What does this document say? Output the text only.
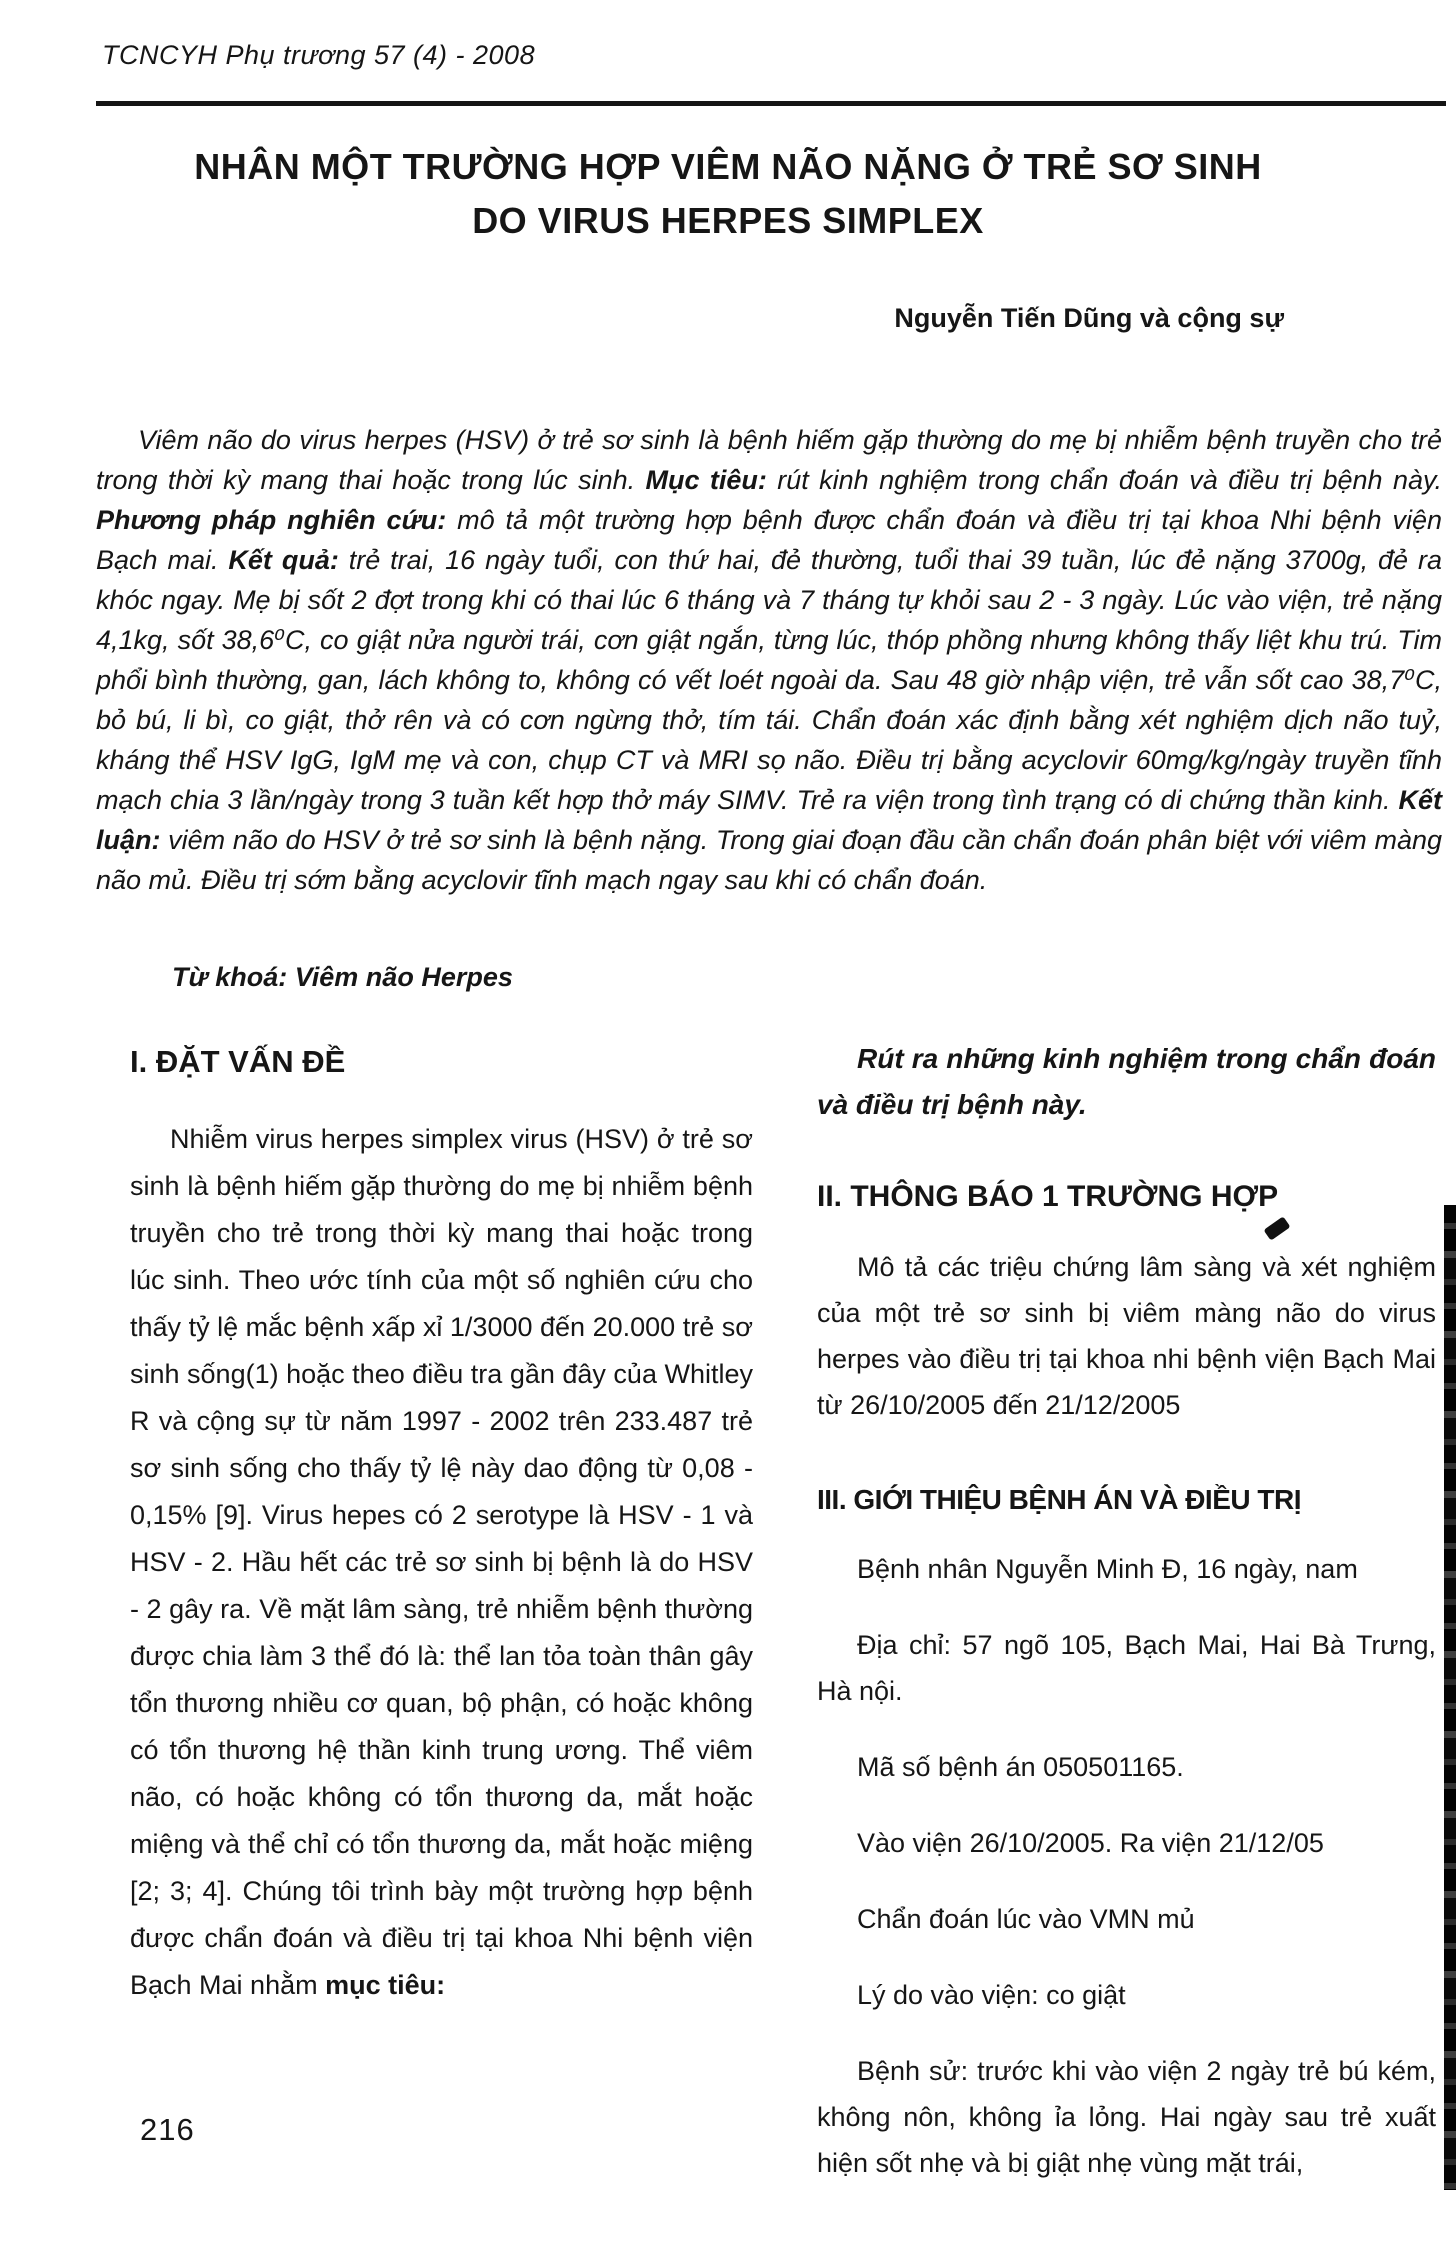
TCNCYH Phụ trương 57 (4) - 2008
NHÂN MỘT TRƯỜNG HỢP VIÊM NÃO NẶNG Ở TRẺ SƠ SINH
DO VIRUS HERPES SIMPLEX
Nguyễn Tiến Dũng và cộng sự

Viêm não do virus herpes (HSV) ở trẻ sơ sinh là bệnh hiếm gặp thường do mẹ bị nhiễm bệnh truyền cho trẻ trong thời kỳ mang thai hoặc trong lúc sinh. Mục tiêu: rút kinh nghiệm trong chẩn đoán và điều trị bệnh này. Phương pháp nghiên cứu: mô tả một trường hợp bệnh được chẩn đoán và điều trị tại khoa Nhi bệnh viện Bạch mai. Kết quả: trẻ trai, 16 ngày tuổi, con thứ hai, đẻ thường, tuổi thai 39 tuần, lúc đẻ nặng 3700g, đẻ ra khóc ngay. Mẹ bị sốt 2 đợt trong khi có thai lúc 6 tháng và 7 tháng tự khỏi sau 2 - 3 ngày. Lúc vào viện, trẻ nặng 4,1kg, sốt 38,6⁰C, co giật nửa người trái, cơn giật ngắn, từng lúc, thóp phồng nhưng không thấy liệt khu trú. Tim phổi bình thường, gan, lách không to, không có vết loét ngoài da. Sau 48 giờ nhập viện, trẻ vẫn sốt cao 38,7⁰C, bỏ bú, li bì, co giật, thở rên và có cơn ngừng thở, tím tái. Chẩn đoán xác định bằng xét nghiệm dịch não tuỷ, kháng thể HSV IgG, IgM mẹ và con, chụp CT và MRI sọ não. Điều trị bằng acyclovir 60mg/kg/ngày truyền tĩnh mạch chia 3 lần/ngày trong 3 tuần kết hợp thở máy SIMV. Trẻ ra viện trong tình trạng có di chứng thần kinh. Kết luận: viêm não do HSV ở trẻ sơ sinh là bệnh nặng. Trong giai đoạn đầu cần chẩn đoán phân biệt với viêm màng não mủ. Điều trị sớm bằng acyclovir tĩnh mạch ngay sau khi có chẩn đoán.

Từ khoá: Viêm não Herpes
I. ĐẶT VẤN ĐỀ

Nhiễm virus herpes simplex virus (HSV) ở trẻ sơ sinh là bệnh hiếm gặp thường do mẹ bị nhiễm bệnh truyền cho trẻ trong thời kỳ mang thai hoặc trong lúc sinh. Theo ước tính của một số nghiên cứu cho thấy tỷ lệ mắc bệnh xấp xỉ 1/3000 đến 20.000 trẻ sơ sinh sống(1) hoặc theo điều tra gần đây của Whitley R và cộng sự từ năm 1997 - 2002 trên 233.487 trẻ sơ sinh sống cho thấy tỷ lệ này dao động từ 0,08 - 0,15% [9]. Virus hepes có 2 serotype là HSV - 1 và HSV - 2. Hầu hết các trẻ sơ sinh bị bệnh là do HSV - 2 gây ra. Về mặt lâm sàng, trẻ nhiễm bệnh thường được chia làm 3 thể đó là: thể lan tỏa toàn thân gây tổn thương nhiều cơ quan, bộ phận, có hoặc không có tổn thương hệ thần kinh trung ương. Thể viêm não, có hoặc không có tổn thương da, mắt hoặc miệng và thể chỉ có tổn thương da, mắt hoặc miệng [2; 3; 4]. Chúng tôi trình bày một trường hợp bệnh được chẩn đoán và điều trị tại khoa Nhi bệnh viện Bạch Mai nhằm mục tiêu:

Rút ra những kinh nghiệm trong chẩn đoán và điều trị bệnh này.

II. THÔNG BÁO 1 TRƯỜNG HỢP

Mô tả các triệu chứng lâm sàng và xét nghiệm của một trẻ sơ sinh bị viêm màng não do virus herpes vào điều trị tại khoa nhi bệnh viện Bạch Mai từ 26/10/2005 đến 21/12/2005

III. GIỚI THIỆU BỆNH ÁN VÀ ĐIỀU TRỊ

Bệnh nhân Nguyễn Minh Đ, 16 ngày, nam

Địa chỉ: 57 ngõ 105, Bạch Mai, Hai Bà Trưng, Hà nội.

Mã số bệnh án 050501165.

Vào viện 26/10/2005. Ra viện 21/12/05

Chẩn đoán lúc vào VMN mủ

Lý do vào viện: co giật

Bệnh sử: trước khi vào viện 2 ngày trẻ bú kém, không nôn, không ỉa lỏng. Hai ngày sau trẻ xuất hiện sốt nhẹ và bị giật nhẹ vùng mặt trái,

216
